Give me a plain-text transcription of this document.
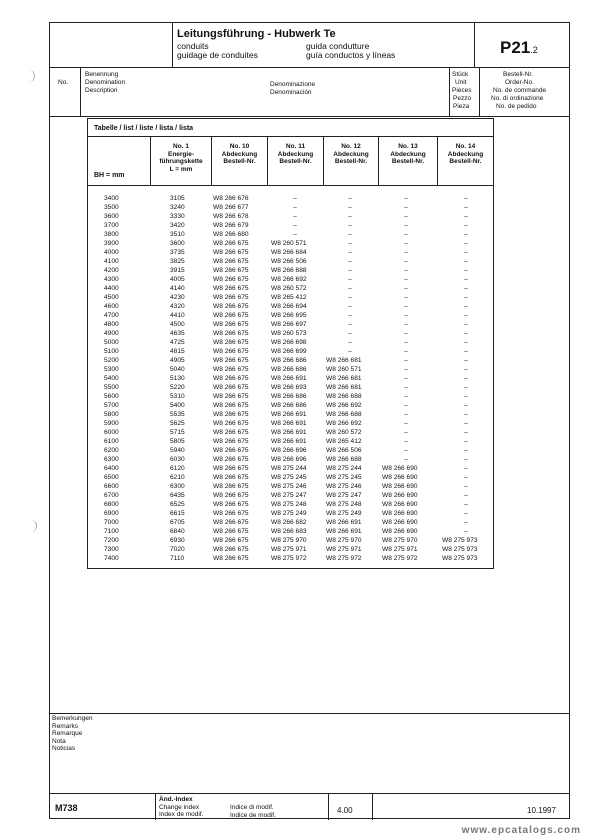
Leitungsführung - Hubwerk Te
conduits	guida condutture
guidage de conduites	guía conductos y líneas	P21.2
No.
Benennung
Denomination
Description
Denominazione
Denominación
Stück
Unit
Pièces
Pezzo
Pieza
Bestell-Nr.
Order-No.
No. de commande
No. di ordinazione
No. de pedido
Tabelle / list / liste / lista / lista
BH = mm
No. 1
Energie-
führungskette
L = mm
No. 10
Abdeckung
Bestell-Nr.
No. 11
Abdeckung
Bestell-Nr.
No. 12
Abdeckung
Bestell-Nr.
No. 13
Abdeckung
Bestell-Nr.
No. 14
Abdeckung
Bestell-Nr.
3400	3105	W8 266 676	–	–	–	–
3500	3240	W8 266 677	–	–	–	–
3600	3330	W8 266 678	–	–	–	–
3700	3420	W8 266 679	–	–	–	–
3800	3510	W8 266 680	–	–	–	–
3900	3600	W8 266 675	W8 260 571	–	–	–
4000	3735	W8 266 675	W8 266 684	–	–	–
4100	3825	W8 266 675	W8 266 506	–	–	–
4200	3915	W8 266 675	W8 266 688	–	–	–
4300	4005	W8 266 675	W8 266 692	–	–	–
4400	4140	W8 266 675	W8 260 572	–	–	–
4500	4230	W8 266 675	W8 265 412	–	–	–
4600	4320	W8 266 675	W8 266 694	–	–	–
4700	4410	W8 266 675	W8 266 695	–	–	–
4800	4500	W8 266 675	W8 266 697	–	–	–
4900	4635	W8 266 675	W8 260 573	–	–	–
5000	4725	W8 266 675	W8 266 698	–	–	–
5100	4815	W8 266 675	W8 266 699	–	–	–
5200	4905	W8 266 675	W8 266 686	W8 266 681	–	–
5300	5040	W8 266 675	W8 266 686	W8 260 571	–	–
5400	5130	W8 266 675	W8 266 691	W8 266 681	–	–
5500	5220	W8 266 675	W8 266 693	W8 266 681	–	–
5600	5310	W8 266 675	W8 266 686	W8 266 688	–	–
5700	5400	W8 266 675	W8 266 686	W8 266 692	–	–
5800	5535	W8 266 675	W8 266 691	W8 266 688	–	–
5900	5625	W8 266 675	W8 266 691	W8 266 692	–	–
6000	5715	W8 266 675	W8 266 691	W8 260 572	–	–
6100	5805	W8 266 675	W8 266 691	W8 265 412	–	–
6200	5940	W8 266 675	W8 266 696	W8 266 506	–	–
6300	6030	W8 266 675	W8 266 696	W8 266 688	–	–
6400	6120	W8 266 675	W8 275 244	W8 275 244	W8 266 690	–
6500	6210	W8 266 675	W8 275 245	W8 275 245	W8 266 690	–
6600	6300	W8 266 675	W8 275 246	W8 275 246	W8 266 690	–
6700	6435	W8 266 675	W8 275 247	W8 275 247	W8 266 690	–
6800	6525	W8 266 675	W8 275 248	W8 275 248	W8 266 690	–
6900	6615	W8 266 675	W8 275 249	W8 275 249	W8 266 690	–
7000	6705	W8 266 675	W8 266 682	W8 266 691	W8 266 690	–
7100	6840	W8 266 675	W8 266 683	W8 266 691	W8 266 690	–
7200	6930	W8 266 675	W8 275 970	W8 275 970	W8 275 970	W8 275 973
7300	7020	W8 266 675	W8 275 971	W8 275 971	W8 275 971	W8 275 973
7400	7110	W8 266 675	W8 275 972	W8 275 972	W8 275 972	W8 275 973
Bemerkungen
Remarks
Remarque
Nota
Noticias
M738
Änd.-Index
Change index
Index de modif.
Indice di modif.
Indice de modif.
4.00	10.1997
www.epcatalogs.com
